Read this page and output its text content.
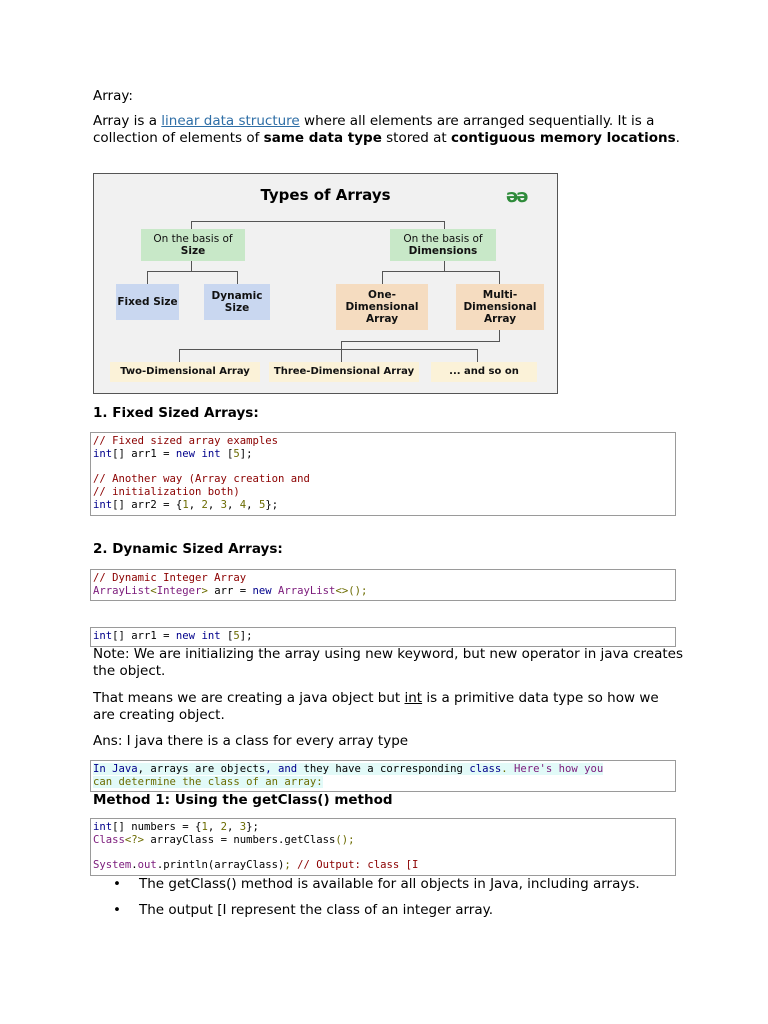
Array:

Array is a linear data structure where all elements are arranged sequentially. It is a collection of elements of same data type stored at contiguous memory locations.

Types of Arrays	ǝǝ
On the basis of
Size
On the basis of
Dimensions
Fixed Size	Dynamic Size
One-Dimensional Array
Multi-Dimensional Array
Two-Dimensional Array	Three-Dimensional Array	... and so on

1. Fixed Sized Arrays:

// Fixed sized array examples
int[] arr1 = new int [5];

// Another way (Array creation and
// initialization both)
int[] arr2 = {1, 2, 3, 4, 5};

2. Dynamic Sized Arrays:

// Dynamic Integer Array
ArrayList<Integer> arr = new ArrayList<>();
int[] arr1 = new int [5];

Note: We are initializing the array using new keyword, but new operator in java creates the object.

That means we are creating a java object but int is a primitive data type so how we are creating object.

Ans: I java there is a class for every array type

In Java, arrays are objects, and they have a corresponding class. Here's how you
can determine the class of an array:

Method 1: Using the getClass() method

int[] numbers = {1, 2, 3};
Class<?> arrayClass = numbers.getClass();

System.out.println(arrayClass); // Output: class [I
• The getClass() method is available for all objects in Java, including arrays.
• The output [I represent the class of an integer array.
